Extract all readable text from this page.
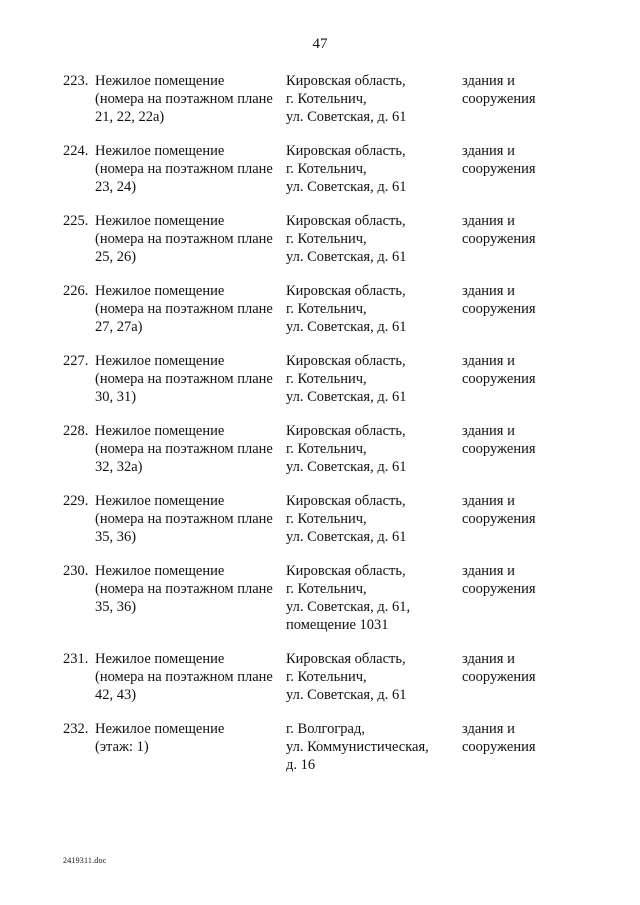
47
223. Нежилое помещение
(номера на поэтажном плане
21, 22, 22а)
Кировская область,
г. Котельнич,
ул. Советская, д. 61
здания и
сооружения
224. Нежилое помещение
(номера на поэтажном плане
23, 24)
Кировская область,
г. Котельнич,
ул. Советская, д. 61
здания и
сооружения
225. Нежилое помещение
(номера на поэтажном плане
25, 26)
Кировская область,
г. Котельнич,
ул. Советская, д. 61
здания и
сооружения
226. Нежилое помещение
(номера на поэтажном плане
27, 27а)
Кировская область,
г. Котельнич,
ул. Советская, д. 61
здания и
сооружения
227. Нежилое помещение
(номера на поэтажном плане
30, 31)
Кировская область,
г. Котельнич,
ул. Советская, д. 61
здания и
сооружения
228. Нежилое помещение
(номера на поэтажном плане
32, 32а)
Кировская область,
г. Котельнич,
ул. Советская, д. 61
здания и
сооружения
229. Нежилое помещение
(номера на поэтажном плане
35, 36)
Кировская область,
г. Котельнич,
ул. Советская, д. 61
здания и
сооружения
230. Нежилое помещение
(номера на поэтажном плане
35, 36)
Кировская область,
г. Котельнич,
ул. Советская, д. 61,
помещение 1031
здания и
сооружения
231. Нежилое помещение
(номера на поэтажном плане
42, 43)
Кировская область,
г. Котельнич,
ул. Советская, д. 61
здания и
сооружения
232. Нежилое помещение
(этаж: 1)
г. Волгоград,
ул. Коммунистическая,
д. 16
здания и
сооружения
2419311.doc
